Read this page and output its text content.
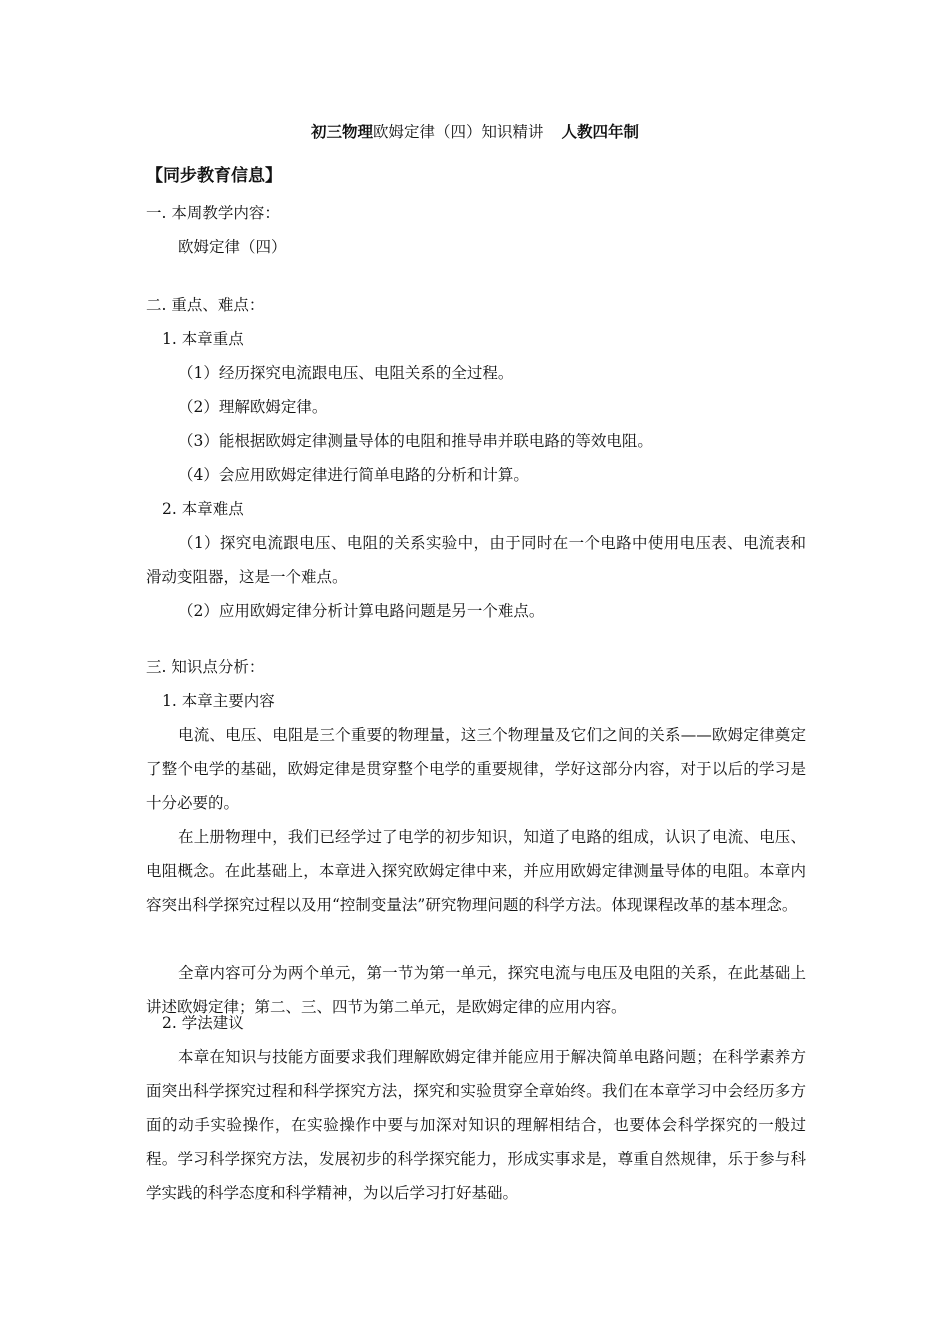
初三物理欧姆定律（四）知识精讲 人教四年制
【同步教育信息】
一. 本周教学内容：
欧姆定律（四）
二. 重点、难点：
1. 本章重点
（1）经历探究电流跟电压、电阻关系的全过程。
（2）理解欧姆定律。
（3）能根据欧姆定律测量导体的电阻和推导串并联电路的等效电阻。
（4）会应用欧姆定律进行简单电路的分析和计算。
2. 本章难点
（1）探究电流跟电压、电阻的关系实验中，由于同时在一个电路中使用电压表、电流表和滑动变阻器，这是一个难点。
（2）应用欧姆定律分析计算电路问题是另一个难点。
三. 知识点分析：
1. 本章主要内容
电流、电压、电阻是三个重要的物理量，这三个物理量及它们之间的关系——欧姆定律奠定了整个电学的基础，欧姆定律是贯穿整个电学的重要规律，学好这部分内容，对于以后的学习是十分必要的。
在上册物理中，我们已经学过了电学的初步知识，知道了电路的组成，认识了电流、电压、电阻概念。在此基础上，本章进入探究欧姆定律中来，并应用欧姆定律测量导体的电阻。本章内容突出科学探究过程以及用“控制变量法”研究物理问题的科学方法。体现课程改革的基本理念。
全章内容可分为两个单元，第一节为第一单元，探究电流与电压及电阻的关系，在此基础上讲述欧姆定律；第二、三、四节为第二单元，是欧姆定律的应用内容。
2. 学法建议
本章在知识与技能方面要求我们理解欧姆定律并能应用于解决简单电路问题；在科学素养方面突出科学探究过程和科学探究方法，探究和实验贯穿全章始终。我们在本章学习中会经历多方面的动手实验操作，在实验操作中要与加深对知识的理解相结合，也要体会科学探究的一般过程。学习科学探究方法，发展初步的科学探究能力，形成实事求是，尊重自然规律，乐于参与科学实践的科学态度和科学精神，为以后学习打好基础。
